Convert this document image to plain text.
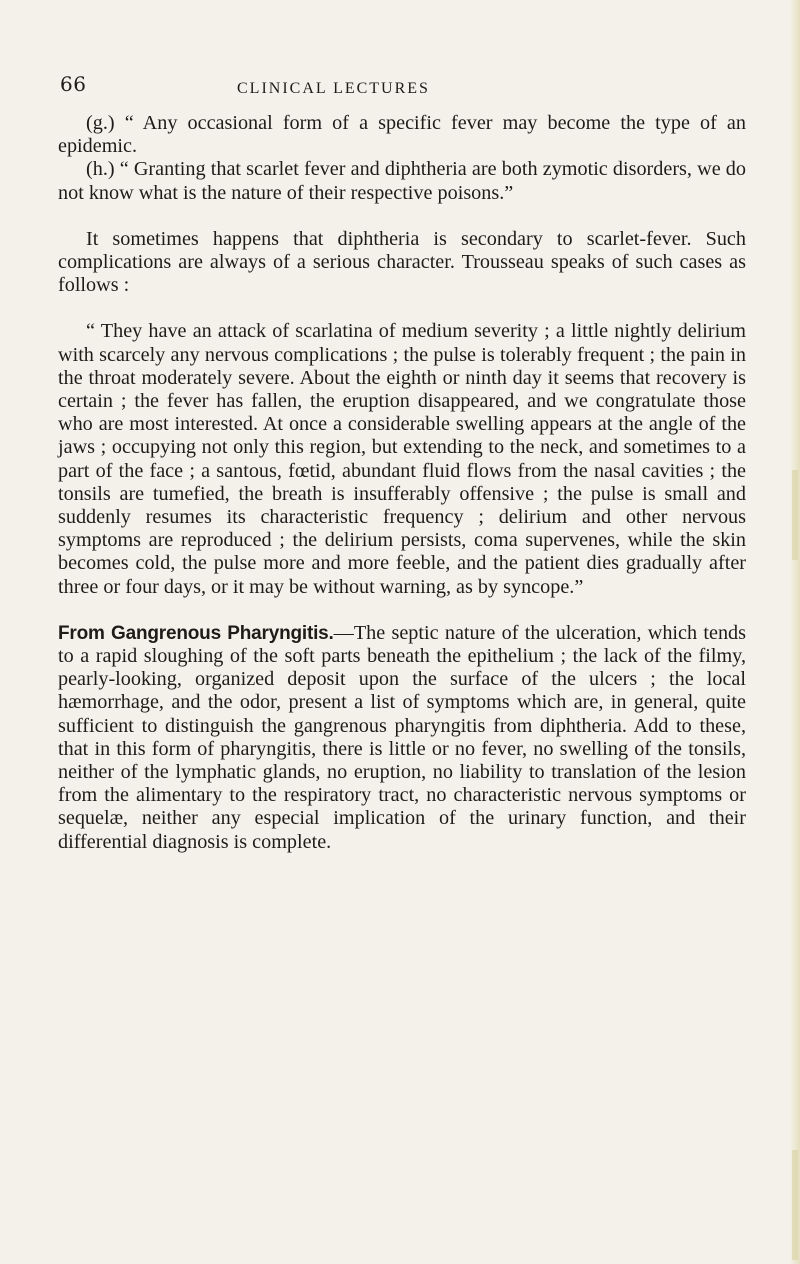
66	CLINICAL LECTURES

(g.) “ Any occasional form of a specific fever may become the type of an epidemic.

(h.) “ Granting that scarlet fever and diphtheria are both zymotic disorders, we do not know what is the nature of their respective poisons.”

It sometimes happens that diphtheria is secondary to scarlet-fever. Such complications are always of a serious character. Trousseau speaks of such cases as follows :

“ They have an attack of scarlatina of medium severity ; a little nightly delirium with scarcely any nervous complications ; the pulse is tolerably frequent ; the pain in the throat moderately severe. About the eighth or ninth day it seems that recovery is certain ; the fever has fallen, the eruption disappeared, and we congratulate those who are most interested. At once a considerable swelling appears at the angle of the jaws ; occupying not only this region, but extending to the neck, and sometimes to a part of the face ; a santous, fœtid, abundant fluid flows from the nasal cavities ; the tonsils are tumefied, the breath is insufferably offensive ; the pulse is small and suddenly resumes its characteristic frequency ; delirium and other nervous symptoms are reproduced ; the delirium persists, coma supervenes, while the skin becomes cold, the pulse more and more feeble, and the patient dies gradually after three or four days, or it may be without warning, as by syncope.”

From Gangrenous Pharyngitis.—The septic nature of the ulceration, which tends to a rapid sloughing of the soft parts beneath the epithelium ; the lack of the filmy, pearly-looking, organized deposit upon the surface of the ulcers ; the local hæmorrhage, and the odor, present a list of symptoms which are, in general, quite sufficient to distinguish the gangrenous pharyngitis from diphtheria. Add to these, that in this form of pharyngitis, there is little or no fever, no swelling of the tonsils, neither of the lymphatic glands, no eruption, no liability to translation of the lesion from the alimentary to the respiratory tract, no characteristic nervous symptoms or sequelæ, neither any especial implication of the urinary function, and their differential diagnosis is complete.
